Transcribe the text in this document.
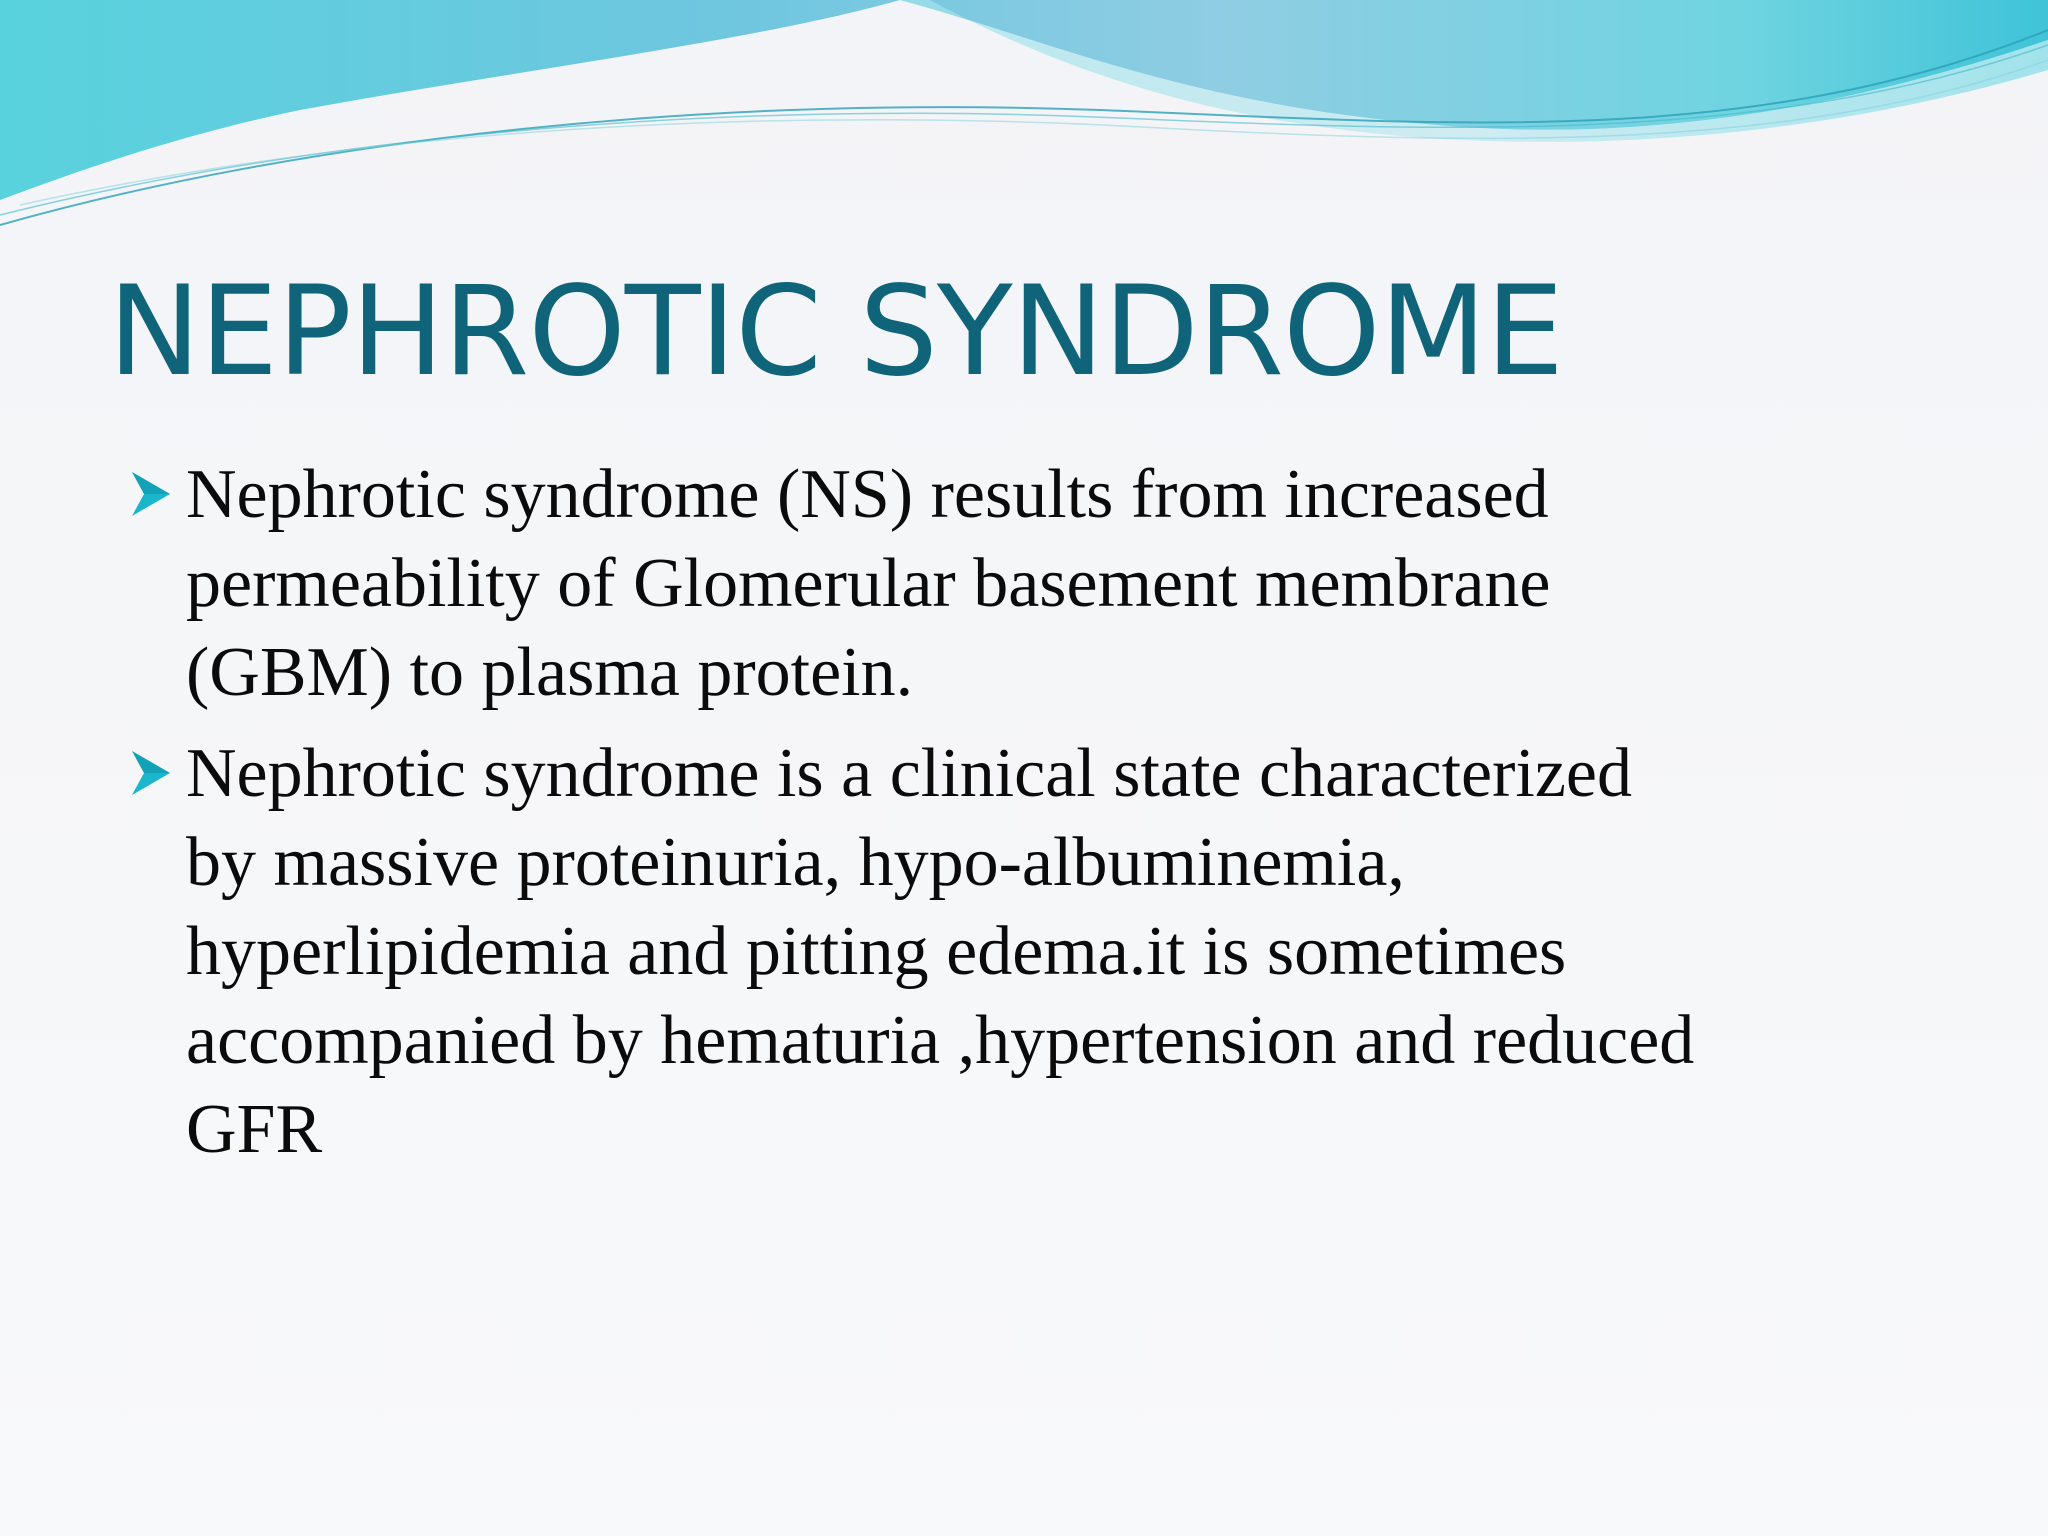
NEPHROTIC SYNDROME
Nephrotic syndrome (NS) results from increased
permeability of Glomerular basement membrane
(GBM) to plasma protein.
Nephrotic syndrome is a clinical state characterized
by massive proteinuria, hypo-albuminemia,
hyperlipidemia and pitting edema.it is sometimes
accompanied by hematuria ,hypertension and reduced
GFR
